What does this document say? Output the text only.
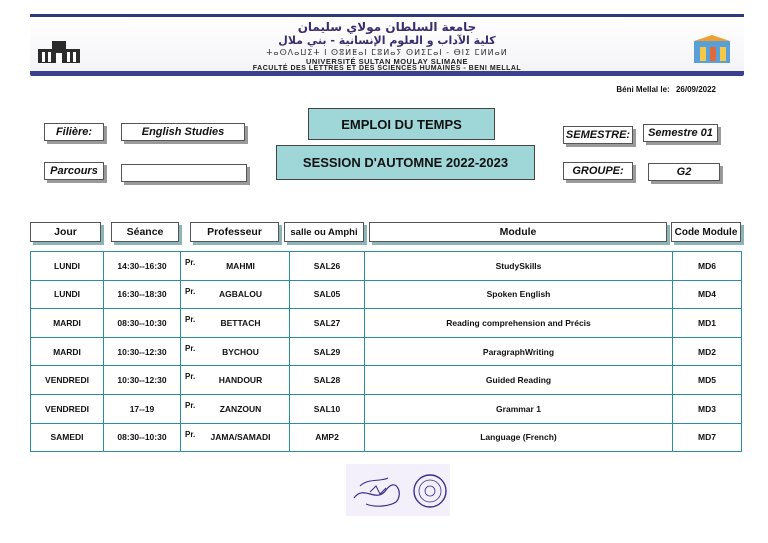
جامعة السلطان مولاي سليمان
كلية الآداب و العلوم الإنسانية - بني ملال
ⵜⴰⵙⴷⴰⵡⵉⵜ ⵏ ⵙⵓⵍⵟⴰⵏ ⵎⵓⵍⴰⵢ ⵙⵍⵉⵎⴰⵏ - ⴱⵏⵉ ⵎⵍⵍⴰⵍ
UNIVERSITÉ SULTAN MOULAY SLIMANE
FACULTÉ DES LETTRES ET DES SCIENCES HUMAINES - BENI MELLAL
Béni Mellal le: 26/09/2022
Filière:	English Studies
Parcours
EMPLOI DU TEMPS
SESSION D'AUTOMNE 2022-2023
SEMESTRE:	Semestre 01
GROUPE:	G2
Jour	Séance	Professeur	salle ou Amphi	Module	Code Module
LUNDI	14:30--16:30	Pr. MAHMI	SAL26	StudySkills	MD6
LUNDI	16:30--18:30	Pr. AGBALOU	SAL05	Spoken English	MD4
MARDI	08:30--10:30	Pr. BETTACH	SAL27	Reading comprehension and Précis	MD1
MARDI	10:30--12:30	Pr. BYCHOU	SAL29	ParagraphWriting	MD2
VENDREDI	10:30--12:30	Pr. HANDOUR	SAL28	Guided Reading	MD5
VENDREDI	17--19	Pr. ZANZOUN	SAL10	Grammar 1	MD3
SAMEDI	08:30--10:30	Pr. JAMA/SAMADI	AMP2	Language (French)	MD7
